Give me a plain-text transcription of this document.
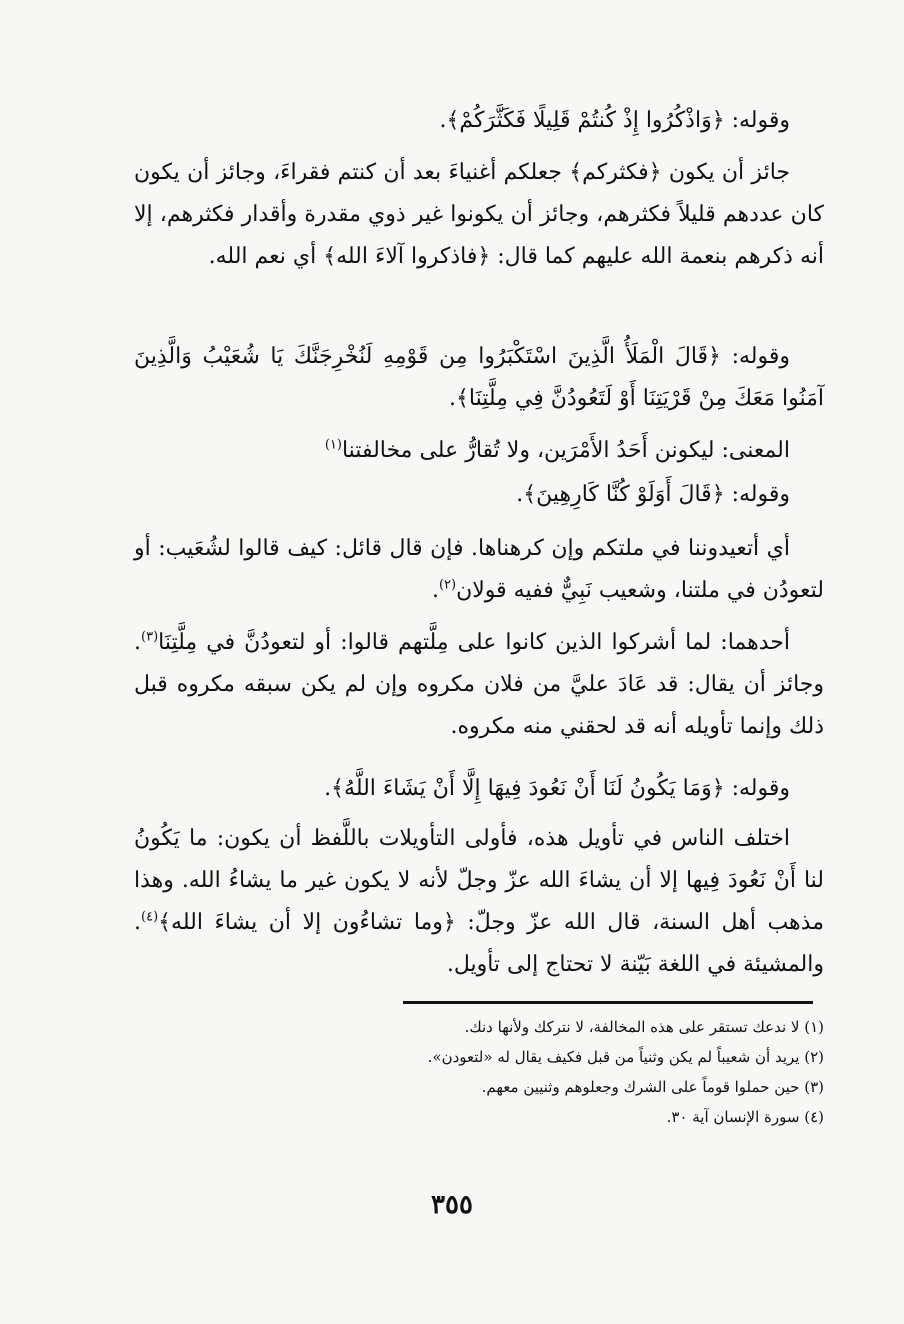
وقوله: ﴿وَاذْكُرُوا إِذْ كُنتُمْ قَلِيلًا فَكَثَّرَكُمْ﴾.

جائز أن يكون ﴿فكثركم﴾ جعلكم أغنياءَ بعد أن كنتم فقراءَ، وجائز أن يكون كان عددهم قليلاً فكثرهم، وجائز أن يكونوا غير ذوي مقدرة وأقدار فكثرهم، إلا أنه ذكرهم بنعمة الله عليهم كما قال: ﴿فاذكروا آلاءَ الله﴾ أي نعم الله.

وقوله: ﴿قَالَ الْمَلَأُ الَّذِينَ اسْتَكْبَرُوا مِن قَوْمِهِ لَنُخْرِجَنَّكَ يَا شُعَيْبُ وَالَّذِينَ آمَنُوا مَعَكَ مِنْ قَرْيَتِنَا أَوْ لَتَعُودُنَّ فِي مِلَّتِنَا﴾.

المعنى: ليكونن أَحَدُ الأَمْرَين، ولا تُقارُّ على مخالفتنا$^{(١)}$

وقوله: ﴿قَالَ أَوَلَوْ كُنَّا كَارِهِينَ﴾.

أي أتعيدوننا في ملتكم وإن كرهناها. فإن قال قائل: كيف قالوا لشُعَيب: أو لتعودُن في ملتنا، وشعيب نَبِيٌّ ففيه قولان$^{(٢)}$.

أحدهما: لما أشركوا الذين كانوا على مِلَّتهم قالوا: أو لتعودُنَّ في مِلَّتِنَا$^{(٣)}$. وجائز أن يقال: قد عَادَ عليَّ من فلان مكروه وإن لم يكن سبقه مكروه قبل ذلك وإنما تأويله أنه قد لحقني منه مكروه.

وقوله: ﴿وَمَا يَكُونُ لَنَا أَنْ نَعُودَ فِيهَا إِلَّا أَنْ يَشَاءَ اللَّهُ﴾.

اختلف الناس في تأويل هذه، فأولى التأويلات باللَّفظ أن يكون: ما يَكُونُ لنا أَنْ نَعُودَ فِيها إلا أن يشاءَ الله عزّ وجلّ لأنه لا يكون غير ما يشاءُ الله. وهذا مذهب أهل السنة، قال الله عزّ وجلّ: ﴿وما تشاءُون إلا أن يشاءَ الله﴾$^{(٤)}$. والمشيئة في اللغة بَيّنة لا تحتاج إلى تأويل.

(١) لا ندعك تستقر على هذه المخالفة، لا نتركك ولأنها دنك.

(٢) يريد أن شعيباً لم يكن وثنياً من قبل فكيف يقال له «لتعودن».

(٣) حين حملوا قوماً على الشرك وجعلوهم وثنيين معهم.

(٤) سورة الإنسان آية ٣٠.

٣٥٥
